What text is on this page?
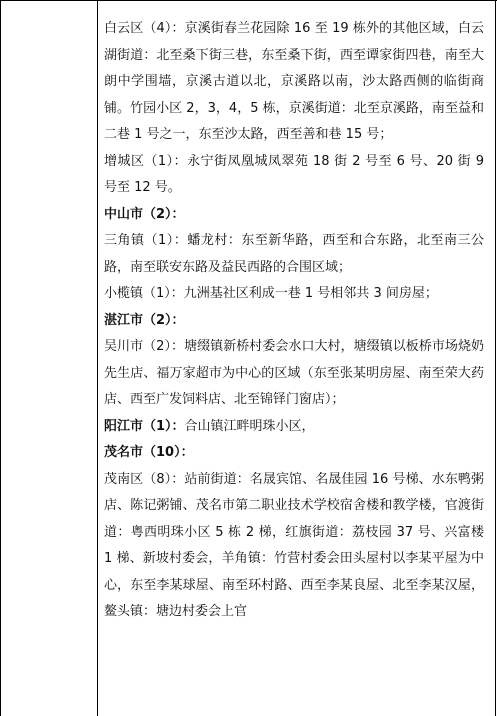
白云区（4）：京溪街春兰花园除 16 至 19 栋外的其他区域，白云湖街道：北至桑下街三巷，东至桑下街，西至谭家街四巷，南至大朗中学围墙，京溪古道以北，京溪路以南，沙太路西侧的临街商铺。竹园小区 2，3，4，5 栋，京溪街道：北至京溪路，南至益和二巷 1 号之一，东至沙太路，西至善和巷 15 号；

增城区（1）：永宁街凤凰城凤翠苑 18 街 2 号至 6 号、20 街 9 号至 12 号。

中山市（2）：

三角镇（1）：蟠龙村：东至新华路，西至和合东路，北至南三公路，南至联安东路及益民西路的合围区域；

小榄镇（1）：九洲基社区利成一巷 1 号相邻共 3 间房屋；

湛江市（2）：

吴川市（2）：塘缀镇新桥村委会水口大村，塘缀镇以板桥市场烧奶先生店、福万家超市为中心的区域（东至张某明房屋、南至荣大药店、西至广发饲料店、北至锦铎门窗店）；

阳江市（1）：合山镇江畔明珠小区，

茂名市（10）：

茂南区（8）：站前街道：名晟宾馆、名晟佳园 16 号梯、水东鸭粥店、陈记粥铺、茂名市第二职业技术学校宿舍楼和教学楼，官渡街道：粤西明珠小区 5 栋 2 梯，红旗街道：荔枝园 37 号、兴富楼 1 梯、新坡村委会，羊角镇：竹营村委会田头屋村以李某平屋为中心，东至李某球屋、南至环村路、西至李某良屋、北至李某汉屋，鳌头镇：塘边村委会上官
